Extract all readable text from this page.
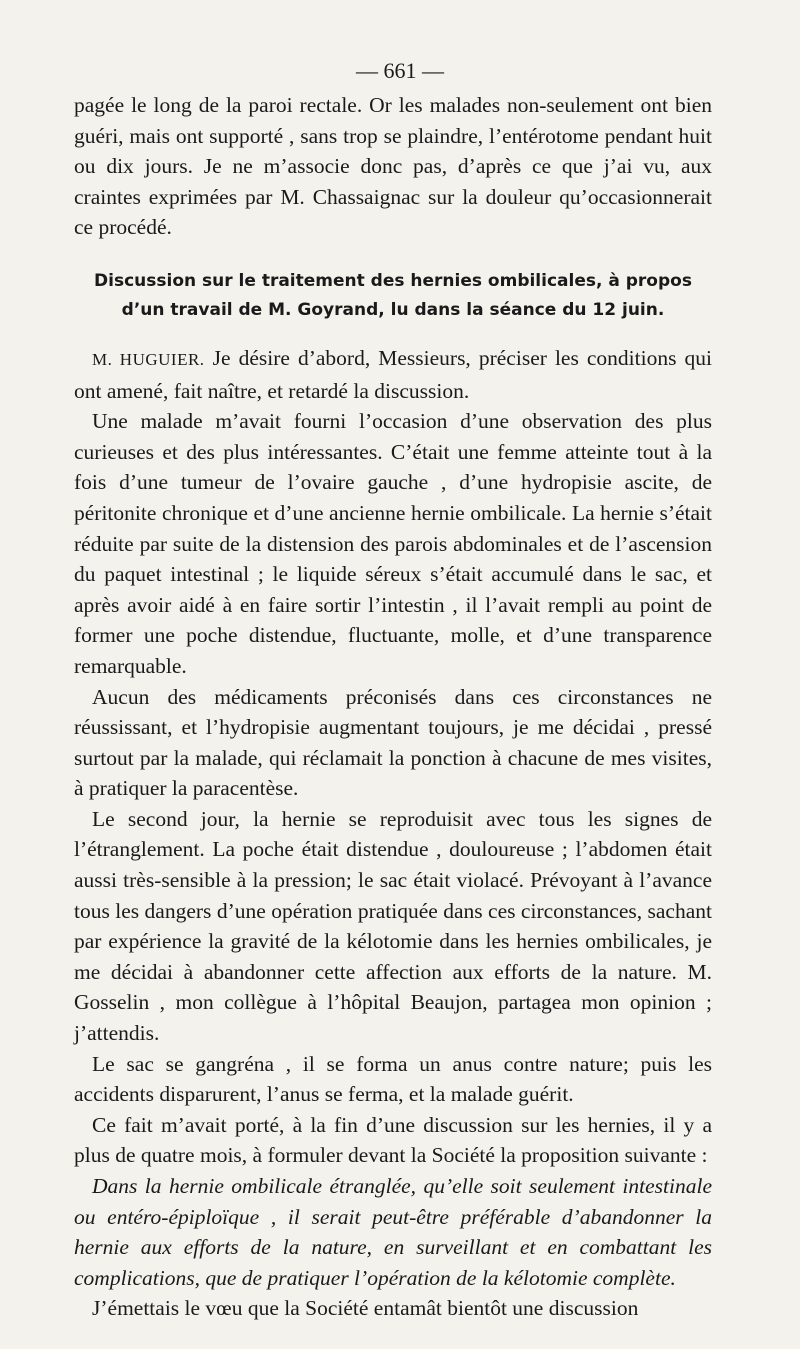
— 661 —

pagée le long de la paroi rectale. Or les malades non-seulement ont bien guéri, mais ont supporté , sans trop se plaindre, l’entérotome pendant huit ou dix jours. Je ne m’associe donc pas, d’après ce que j’ai vu, aux craintes exprimées par M. Chassaignac sur la douleur qu’occasionnerait ce procédé.

Discussion sur le traitement des hernies ombilicales, à propos d’un travail de M. Goyrand, lu dans la séance du 12 juin.

M. HUGUIER. Je désire d’abord, Messieurs, préciser les conditions qui ont amené, fait naître, et retardé la discussion.

Une malade m’avait fourni l’occasion d’une observation des plus curieuses et des plus intéressantes. C’était une femme atteinte tout à la fois d’une tumeur de l’ovaire gauche , d’une hydropisie ascite, de péritonite chronique et d’une ancienne hernie ombilicale. La hernie s’était réduite par suite de la distension des parois abdominales et de l’ascension du paquet intestinal ; le liquide séreux s’était accumulé dans le sac, et après avoir aidé à en faire sortir l’intestin , il l’avait rempli au point de former une poche distendue, fluctuante, molle, et d’une transparence remarquable.

Aucun des médicaments préconisés dans ces circonstances ne réussissant, et l’hydropisie augmentant toujours, je me décidai , pressé surtout par la malade, qui réclamait la ponction à chacune de mes visites, à pratiquer la paracentèse.

Le second jour, la hernie se reproduisit avec tous les signes de l’étranglement. La poche était distendue , douloureuse ; l’abdomen était aussi très-sensible à la pression; le sac était violacé. Prévoyant à l’avance tous les dangers d’une opération pratiquée dans ces circonstances, sachant par expérience la gravité de la kélotomie dans les hernies ombilicales, je me décidai à abandonner cette affection aux efforts de la nature. M. Gosselin , mon collègue à l’hôpital Beaujon, partagea mon opinion ; j’attendis.

Le sac se gangréna , il se forma un anus contre nature; puis les accidents disparurent, l’anus se ferma, et la malade guérit.

Ce fait m’avait porté, à la fin d’une discussion sur les hernies, il y a plus de quatre mois, à formuler devant la Société la proposition suivante :

Dans la hernie ombilicale étranglée, qu’elle soit seulement intestinale ou entéro-épiploïque , il serait peut-être préférable d’abandonner la hernie aux efforts de la nature, en surveillant et en combattant les complications, que de pratiquer l’opération de la kélotomie complète.

J’émettais le vœu que la Société entamât bientôt une discussion
